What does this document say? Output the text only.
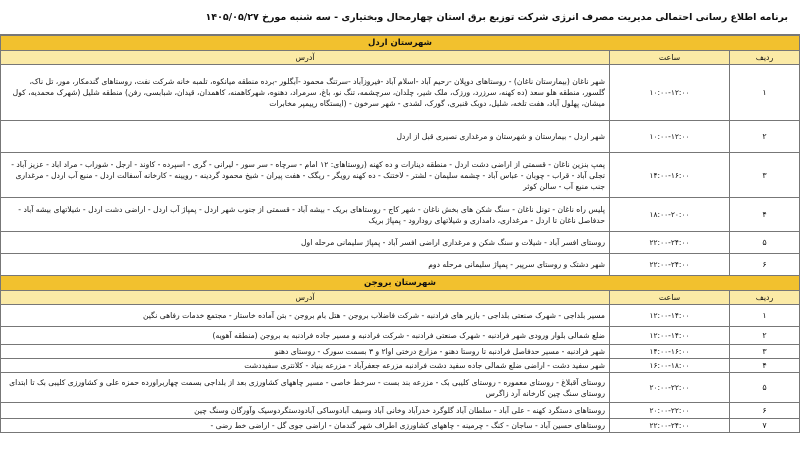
برنامه اطلاع رسانی احتمالی مدیریت مصرف انرژی شرکت توزیع برق استان چهارمحال وبختیاری - سه شنبه مورخ ۱۴۰۵/۰۵/۲۷
شهرستان اردل		
ردیف	ساعت	آدرس
۱	۱۰:۰۰-۱۲:۰۰	شهر ناغان (بیمارستان ناغان) - روستاهای دوپلان -رحیم آباد -اسلام آباد -فیروزآباد -سرتنگ محمود -آبگلور -برده منطقه میانکوه، تلمبه خانه شرکت نفت، روستاهای گندمکار، مور، تل ناک، گلسور، منطقه هلو سعد (ده کهنه، سرزرد، ورزک، ملک شیر، چلدان، سرچشمه، تنگ نو، باغ، سرمراد، دهنوه، شهرکاهمنه، کاهمدان، قیدان، شبابسی، رفن) منطقه شلیل (شهرک محمدیه، کول میشان، پهلول آباد، هفت تلخه، شلیل، دوبک قنبری، گورک، لشدی - شهر سرخون - (ایستگاه رییمپر مخابرات
۲	۱۰:۰۰-۱۲:۰۰	شهر اردل - بیمارستان و شهرستان و مرغداری نصیری قبل از اردل
۳	۱۴:۰۰-۱۶:۰۰	پمپ بنزین ناغان - قسمتی از اراضی دشت اردل - منطقه دینارات و ده کهنه (روستاهای: ۱۲ امام - سرچاه - سر سور - لیرانی - گری - اسپرده - کاوند - ارجل - شوراب - مراد اباد - عزیز آباد - تجلی آباد - قراب - چوبان - عباس آباد - چشمه سلیمان - لشتر - لاختنک - ده کهنه رویگر - ریگک - هفت پیران - شیخ محمود گردینه - رویینه - کارخانه آسفالت اردل - منبع آب اردل - مرغداری جنب منبع آب - سالن کوثر
۴	۱۸:۰۰-۲۰:۰۰	پلیس راه ناغان - تونل ناغان - سنگ شکن های بخش ناغان - شهر کاج - روستاهای بریک - بیشه آباد - قسمتی از جنوب شهر اردل - پمپاژ آب اردل - اراضی دشت اردل - شیلاتهای بیشه آباد - حدفاصل ناغان تا اردل - مرغداری، دامداری و شیلاتهای رودارود - پمپاژ بریک
۵	۲۲:۰۰-۲۴:۰۰	روستای افسر آباد - شیلات و سنگ شکن و مرغداری اراضی افسر آباد - پمپاژ سلیمانی مرحله اول
۶	۲۲:۰۰-۲۴:۰۰	شهر دشتک و روستای سرپیر - پمپاژ سلیمانی مرحله دوم
شهرستان بروجن		
ردیف	ساعت	آدرس
۱	۱۲:۰۰-۱۴:۰۰	مسیر بلداجی - شهرک صنعتی بلداجی - بازیر های فرادنبه - شرکت فاضلاب بروجن - هتل بام بروجن - بتن آماده خاستار - مجتمع خدمات رفاهی نگین
۲	۱۲:۰۰-۱۴:۰۰	ضلع شمالی بلوار ورودی شهر فرادنبه - شهرک صنعتی فرادنبه - شرکت فرادنبه و مسیر جاده فرادنبه به بروجن (منطقه آهویه)
۳	۱۴:۰۰-۱۶:۰۰	شهر فرادنبه - مسیر حدفاصل فرادنبه تا روستا دهنو - مزارع درختی اوا۲ و ۳ بسمت سورک - روستای دهنو
۴	۱۶:۰۰-۱۸:۰۰	شهر سفید دشت - اراضی ضلع شمالی جاده سفید دشت فرادنبه مزرعه جعفرآباد - مزرعه بنیاد - کلانتری سفیددشت
۵	۲۰:۰۰-۲۲:۰۰	روستای آقبلاغ - روستای معموره - روستای کلیبی بک - مزرعه بند بست - سرخط خاصی - مسیر چاههای کشاورزی بعد از بلداجی بسمت چهاربراورده حمزه علی و کشاورزی کلیبی بک تا ابتدای روستای سنگ چین کارخانه آرد زاگرس
۶	۲۰:۰۰-۲۲:۰۰	روستاهای دستگرد کهنه - علی آباد - سلطان آباد گلوگرد خدرآباد وخانی آباد وسیف آبادوساکی آبادودستگردوسیک وآورگان وسنگ چین
۷	۲۲:۰۰-۲۴:۰۰	روستاهای حسین آباد - ساجان - کنگ - چرمینه - چاههای کشاورزی اطراف شهر گندمان - اراضی جوی گل - اراضی خط رضی -
